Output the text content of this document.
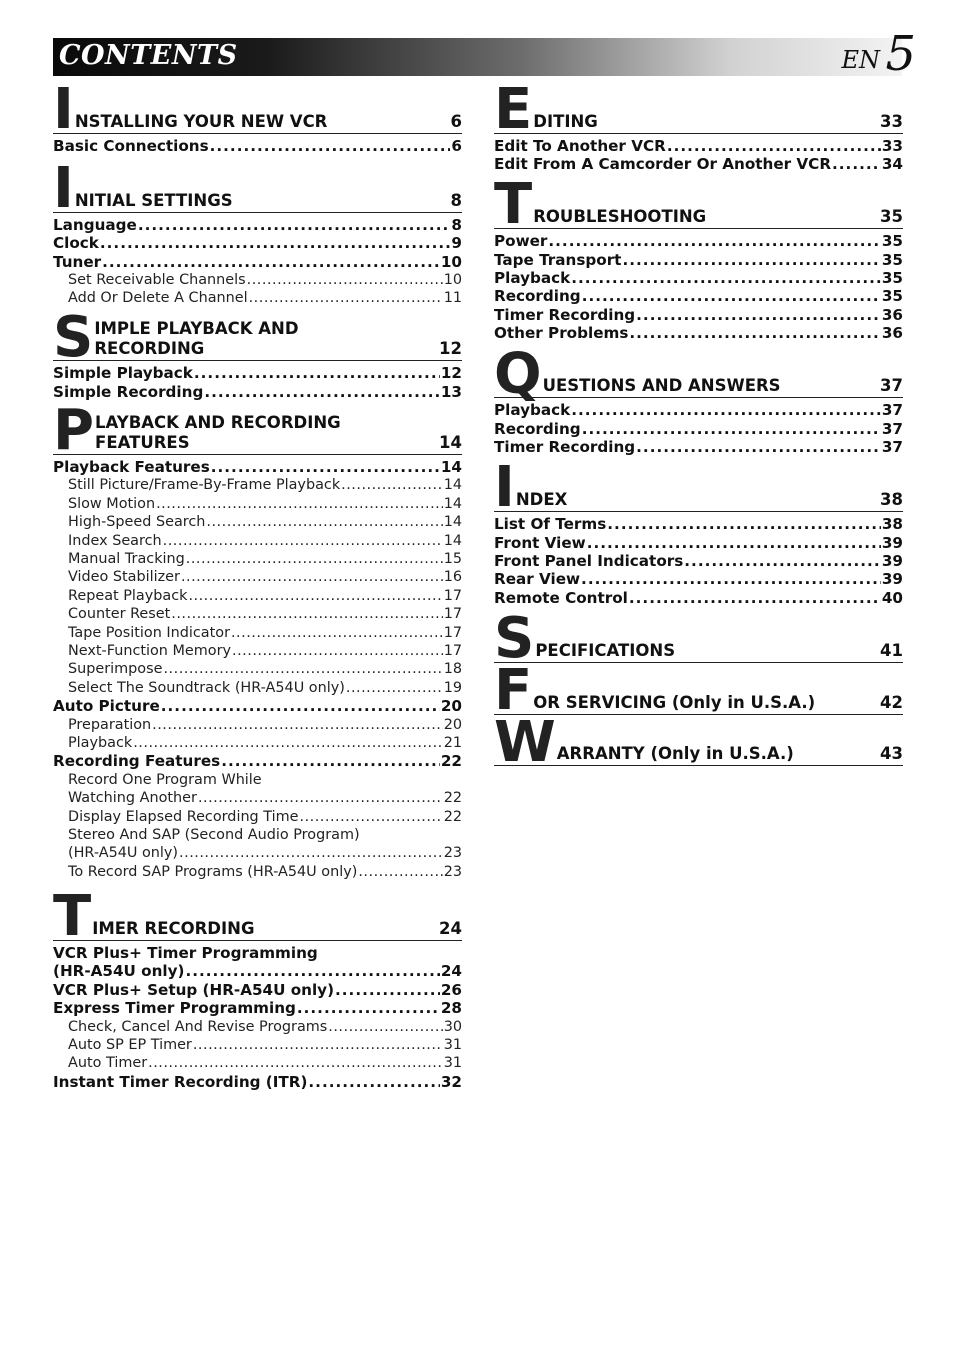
CONTENTS	EN 5
I NSTALLING YOUR NEW VCR	6
Basic Connections .....	6
I NITIAL SETTINGS	8
Language .....	8
Clock .....	9
Tuner .....	10
Set Receivable Channels .....	10
Add Or Delete A Channel .....	11
S IMPLE PLAYBACK AND
RECORDING	12
Simple Playback .....	12
Simple Recording .....	13
P LAYBACK AND RECORDING
FEATURES	14
Playback Features .....	14
Still Picture/Frame-By-Frame Playback .....	14
Slow Motion .....	14
High-Speed Search .....	14
Index Search .....	14
Manual Tracking .....	15
Video Stabilizer .....	16
Repeat Playback .....	17
Counter Reset .....	17
Tape Position Indicator .....	17
Next-Function Memory .....	17
Superimpose .....	18
Select The Soundtrack (HR-A54U only) .....	19
Auto Picture .....	20
Preparation .....	20
Playback .....	21
Recording Features .....	22
Record One Program While
Watching Another .....	22
Display Elapsed Recording Time .....	22
Stereo And SAP (Second Audio Program)
(HR-A54U only) .....	23
To Record SAP Programs (HR-A54U only) .....	23
T IMER RECORDING	24
VCR Plus+ Timer Programming
(HR-A54U only) .....	24
VCR Plus+ Setup (HR-A54U only) .....	26
Express Timer Programming .....	28
Check, Cancel And Revise Programs .....	30
Auto SP EP Timer .....	31
Auto Timer .....	31
Instant Timer Recording (ITR) .....	32
E DITING	33
Edit To Another VCR .....	33
Edit From A Camcorder Or Another VCR .....	34
T ROUBLESHOOTING	35
Power .....	35
Tape Transport .....	35
Playback .....	35
Recording .....	35
Timer Recording .....	36
Other Problems .....	36
Q UESTIONS AND ANSWERS	37
Playback .....	37
Recording .....	37
Timer Recording .....	37
I NDEX	38
List Of Terms .....	38
Front View .....	39
Front Panel Indicators .....	39
Rear View .....	39
Remote Control .....	40
S PECIFICATIONS	41
F OR SERVICING (Only in U.S.A.)	42
W ARRANTY (Only in U.S.A.)	43
